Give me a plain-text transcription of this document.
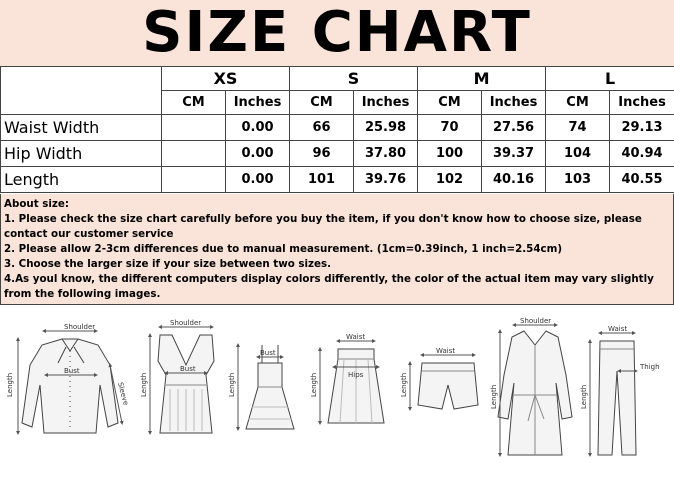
SIZE CHART
	XS		S		M		L	
	CM	Inches	CM	Inches	CM	Inches	CM	Inches
Waist Width		0.00	66	25.98	70	27.56	74	29.13
Hip Width		0.00	96	37.80	100	39.37	104	40.94
Length		0.00	101	39.76	102	40.16	103	40.55
About size:
1. Please check the size chart carefully before you buy the item, if you don't know how to choose size, please contact our customer service
2. Please allow 2-3cm differences due to manual measurement. (1cm=0.39inch, 1 inch=2.54cm)
3. Choose the larger size if your size between two sizes.
4.As youl know, the different computers display colors differently, the color of the actual item may vary slightly from the following images.
Shoulder
Bust
Length	Sleeve
Shoulder
Bust
Length
Bust
Length
Waist
Hips
Length
Waist
Length
Shoulder
Length
Waist
Length
Thigh
